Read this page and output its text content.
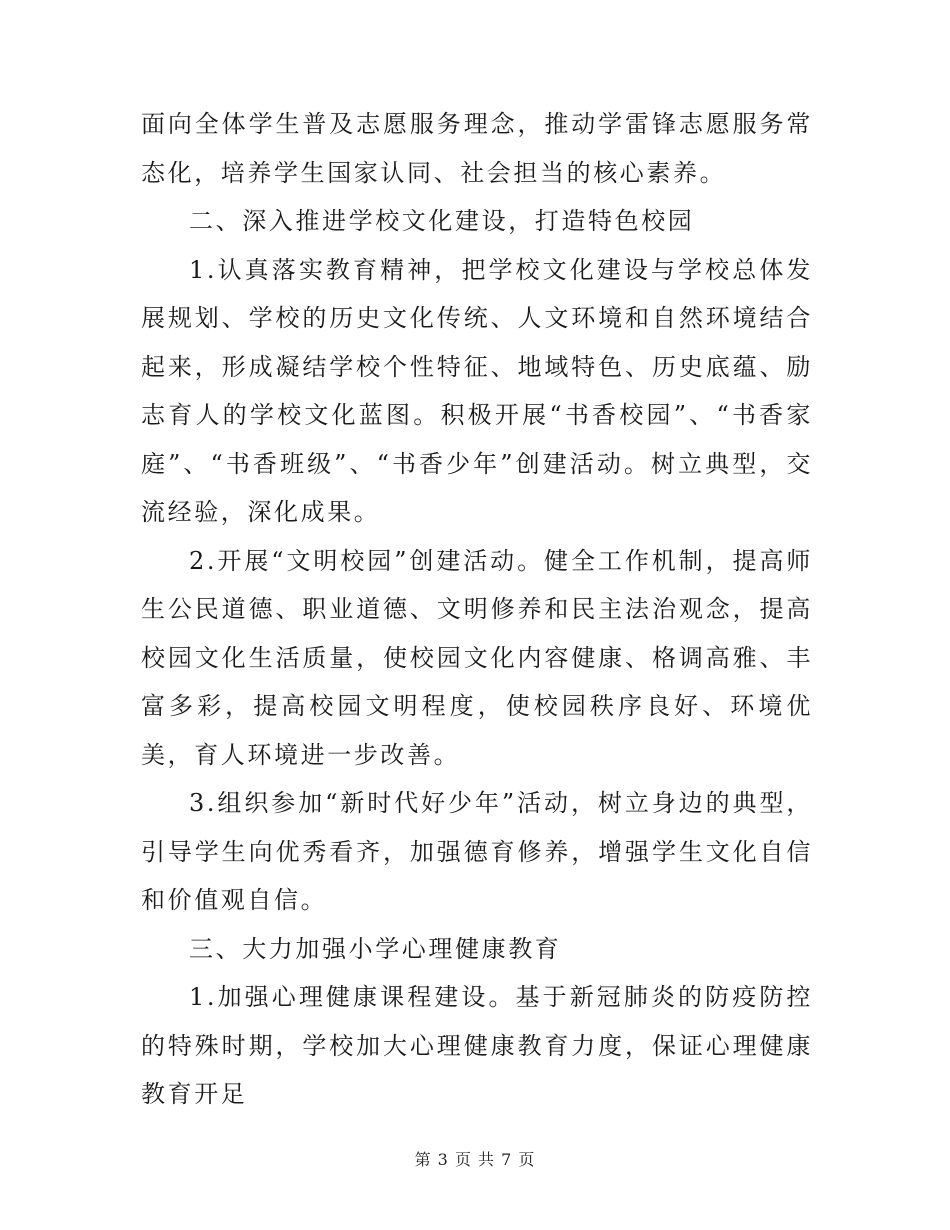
面向全体学生普及志愿服务理念，推动学雷锋志愿服务常态化，培养学生国家认同、社会担当的核心素养。

二、深入推进学校文化建设，打造特色校园

1.认真落实教育精神，把学校文化建设与学校总体发展规划、学校的历史文化传统、人文环境和自然环境结合起来，形成凝结学校个性特征、地域特色、历史底蕴、励志育人的学校文化蓝图。积极开展“书香校园”、“书香家庭”、“书香班级”、“书香少年”创建活动。树立典型，交流经验，深化成果。

2.开展“文明校园”创建活动。健全工作机制，提高师生公民道德、职业道德、文明修养和民主法治观念，提高校园文化生活质量，使校园文化内容健康、格调高雅、丰富多彩，提高校园文明程度，使校园秩序良好、环境优美，育人环境进一步改善。

3.组织参加“新时代好少年”活动，树立身边的典型，引导学生向优秀看齐，加强德育修养，增强学生文化自信和价值观自信。

三、大力加强小学心理健康教育

1.加强心理健康课程建设。基于新冠肺炎的防疫防控的特殊时期，学校加大心理健康教育力度，保证心理健康教育开足

第 3 页 共 7 页
